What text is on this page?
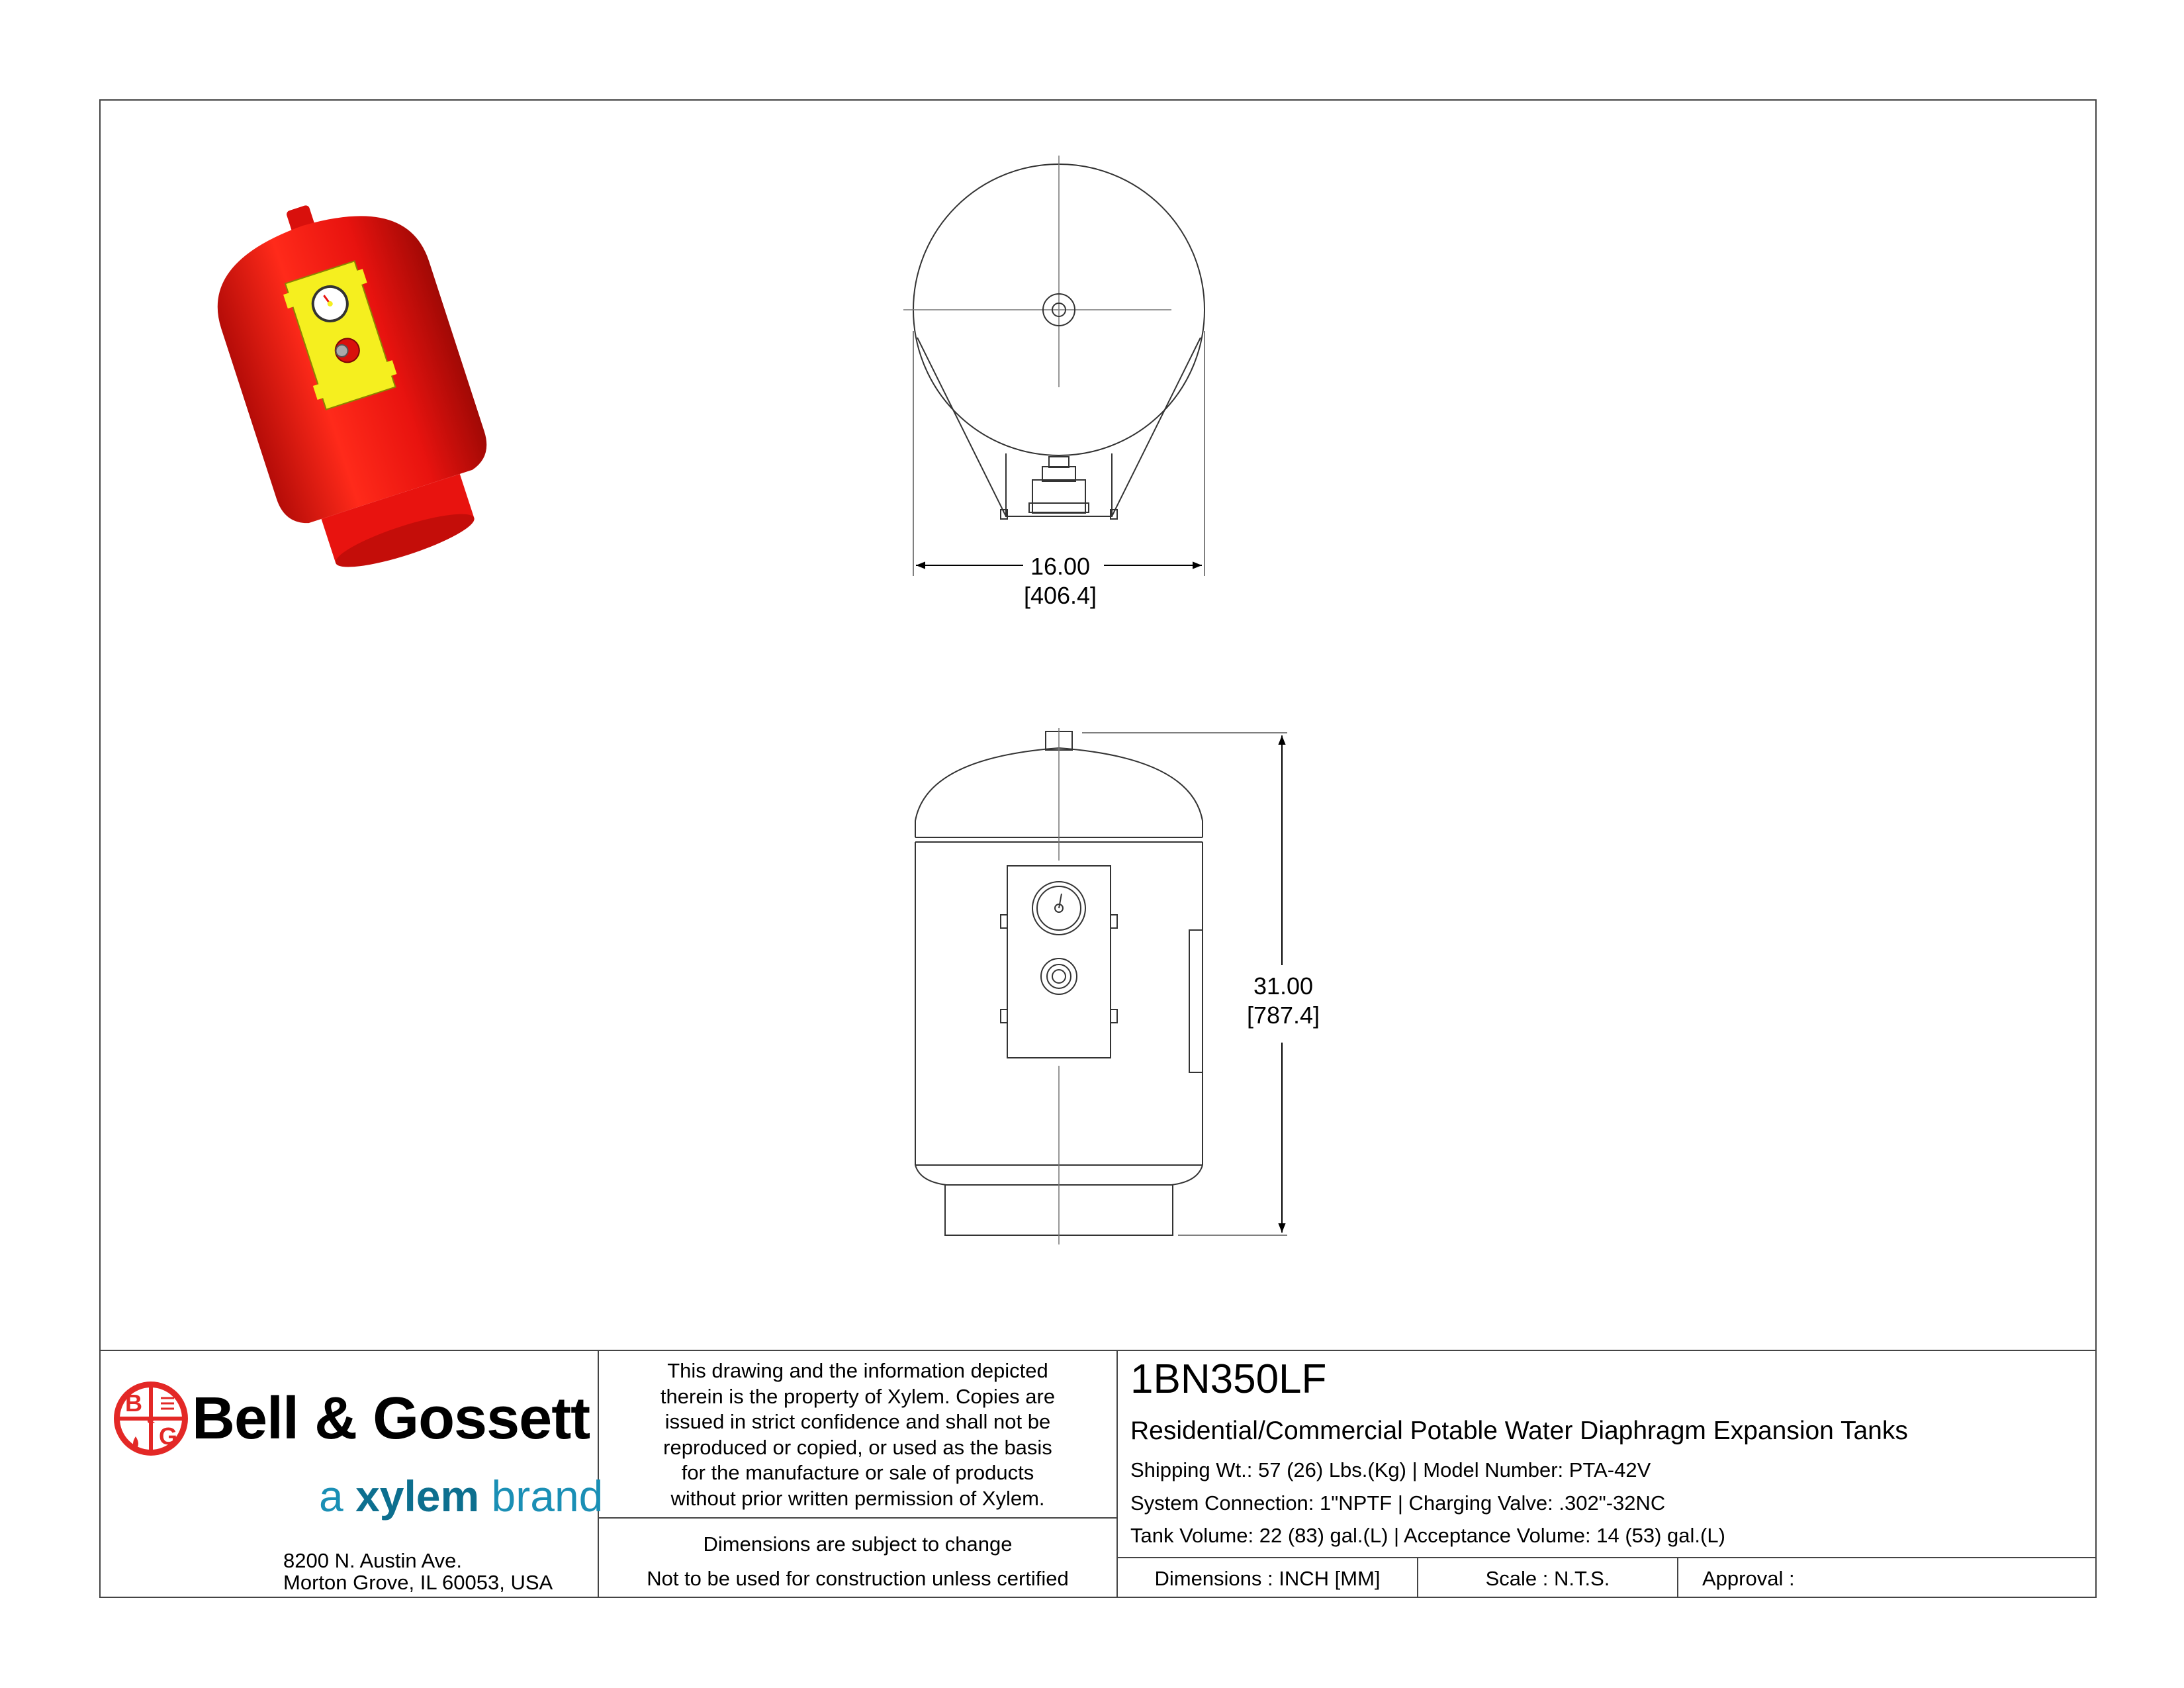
16.00
[406.4]
31.00
[787.4]
B
G
& Bell & Gossett
a xylem brand
8200 N. Austin Ave.
Morton Grove, IL 60053, USA
This drawing and the information depicted
therein is the property of Xylem. Copies are
issued in strict confidence and shall not be
reproduced or copied, or used as the basis
for the manufacture or sale of products
without prior written permission of Xylem.
Dimensions are subject to change
Not to be used for construction unless certified
1BN350LF
Residential/Commercial Potable Water Diaphragm Expansion Tanks
Shipping Wt.: 57 (26) Lbs.(Kg) | Model Number: PTA-42V
System Connection: 1"NPTF | Charging Valve: .302"-32NC
Tank Volume: 22 (83) gal.(L) | Acceptance Volume: 14 (53) gal.(L)
Dimensions : INCH [MM]	Scale : N.T.S.	Approval :
